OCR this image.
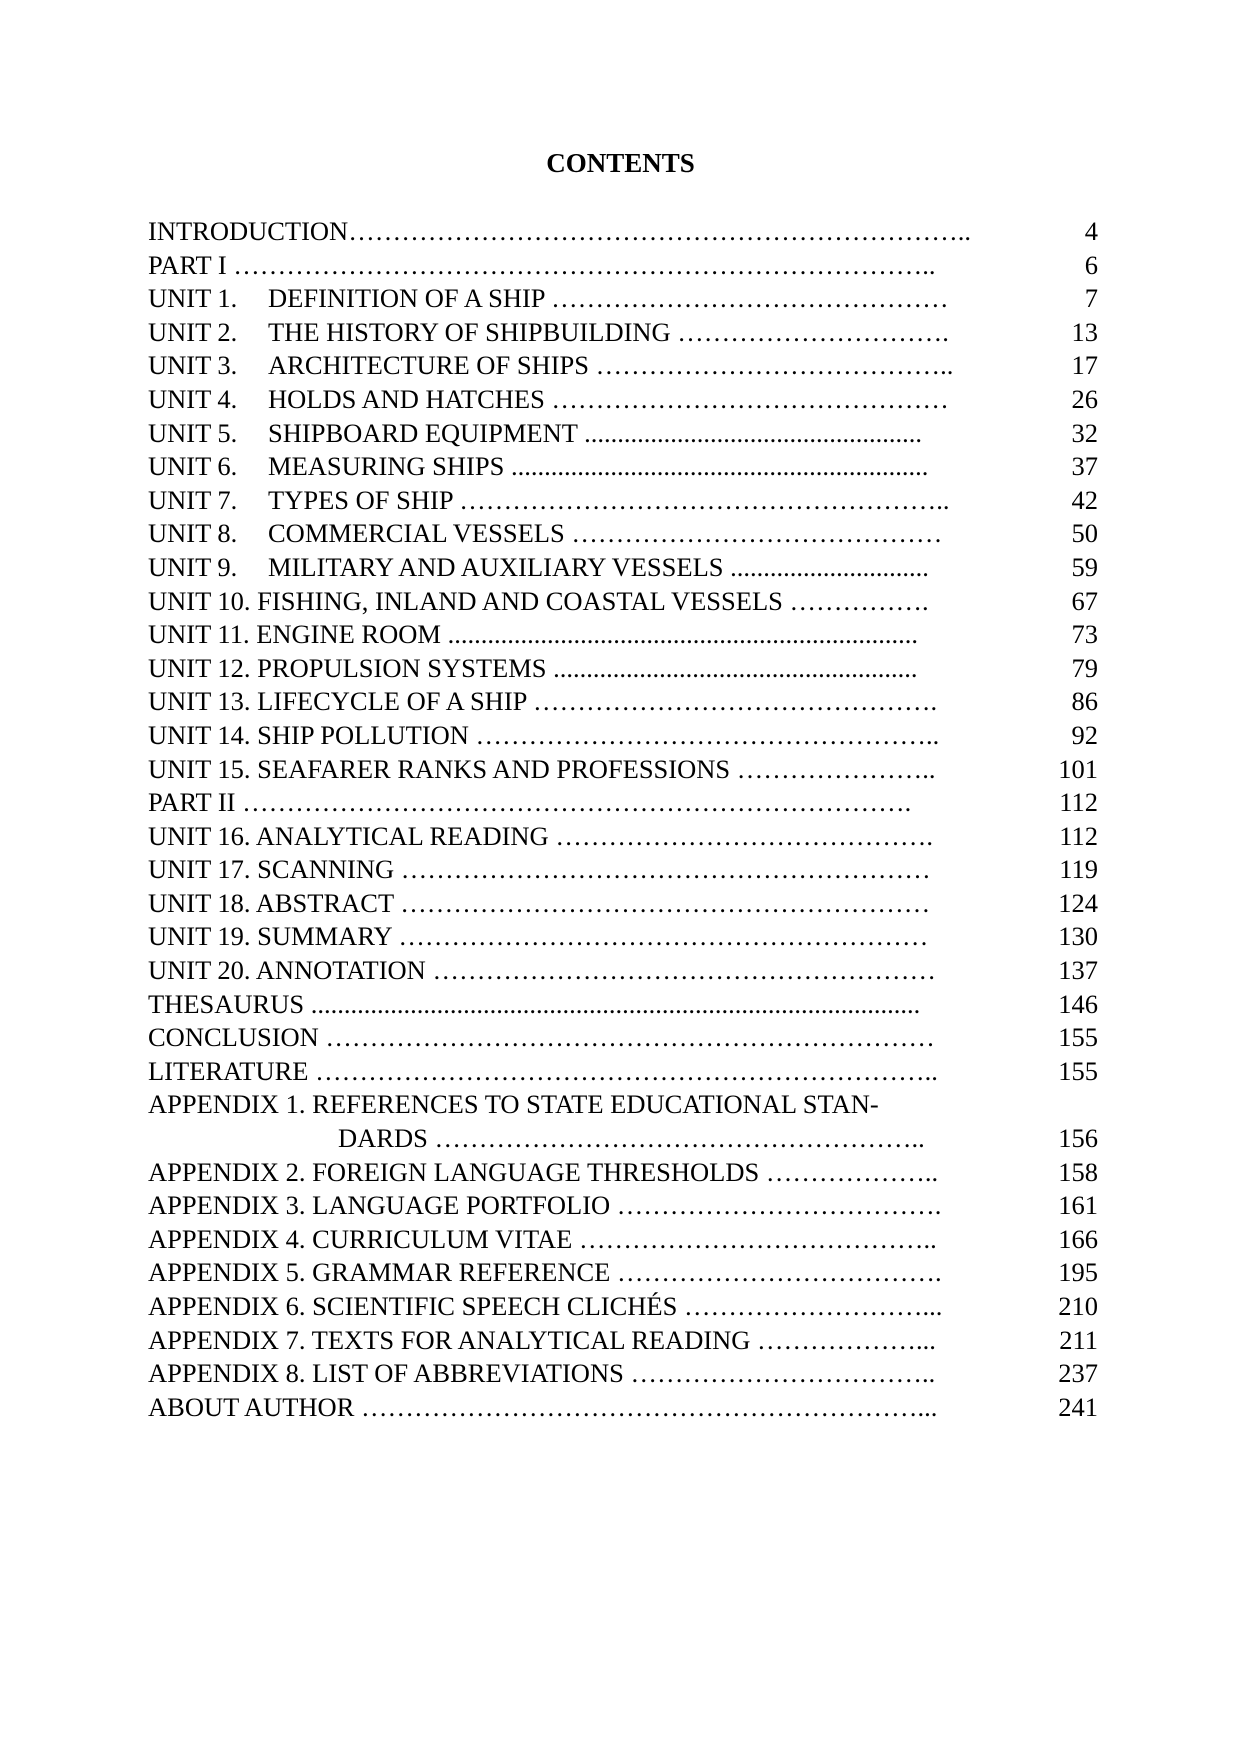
CONTENTS
INTRODUCTION……………………………………………………………..	4
PART I ……………………………………………………………………..	6
UNIT 1. DEFINITION OF A SHIP ………………………………………	7
UNIT 2. THE HISTORY OF SHIPBUILDING ………………………….	13
UNIT 3. ARCHITECTURE OF SHIPS …………………………………..	17
UNIT 4. HOLDS AND HATCHES ………………………………………	26
UNIT 5. SHIPBOARD EQUIPMENT ...................................................	32
UNIT 6. MEASURING SHIPS ...............................................................	37
UNIT 7. TYPES OF SHIP ………………………………………………..	42
UNIT 8. COMMERCIAL VESSELS ……………………………………	50
UNIT 9. MILITARY AND AUXILIARY VESSELS ..............................	59
UNIT 10. FISHING, INLAND AND COASTAL VESSELS …………….	67
UNIT 11. ENGINE ROOM .......................................................................	73
UNIT 12. PROPULSION SYSTEMS .......................................................	79
UNIT 13. LIFECYCLE OF A SHIP ……………………………………….	86
UNIT 14. SHIP POLLUTION ……………………………………………..	92
UNIT 15. SEAFARER RANKS AND PROFESSIONS …………………..	101
PART II ………………………………………………………………….	112
UNIT 16. ANALYTICAL READING …………………………………….	112
UNIT 17. SCANNING ……………………………………………………	119
UNIT 18. ABSTRACT ……………………………………………………	124
UNIT 19. SUMMARY ……………………………………………………	130
UNIT 20. ANNOTATION …………………………………………………	137
THESAURUS ............................................................................................	146
CONCLUSION ……………………………………………………………	155
LITERATURE ……………………………………………………………..	155
APPENDIX 1. REFERENCES TO STATE EDUCATIONAL STAN-
DARDS ………………………………………………..	156
APPENDIX 2. FOREIGN LANGUAGE THRESHOLDS ………………..	158
APPENDIX 3. LANGUAGE PORTFOLIO ……………………………….	161
APPENDIX 4. CURRICULUM VITAE …………………………………..	166
APPENDIX 5. GRAMMAR REFERENCE ……………………………….	195
APPENDIX 6. SCIENTIFIC SPEECH CLICHÉS ………………………...	210
APPENDIX 7. TEXTS FOR ANALYTICAL READING ………………...	211
APPENDIX 8. LIST OF ABBREVIATIONS ……………………………..	237
ABOUT AUTHOR ………………………………………………………...	241
